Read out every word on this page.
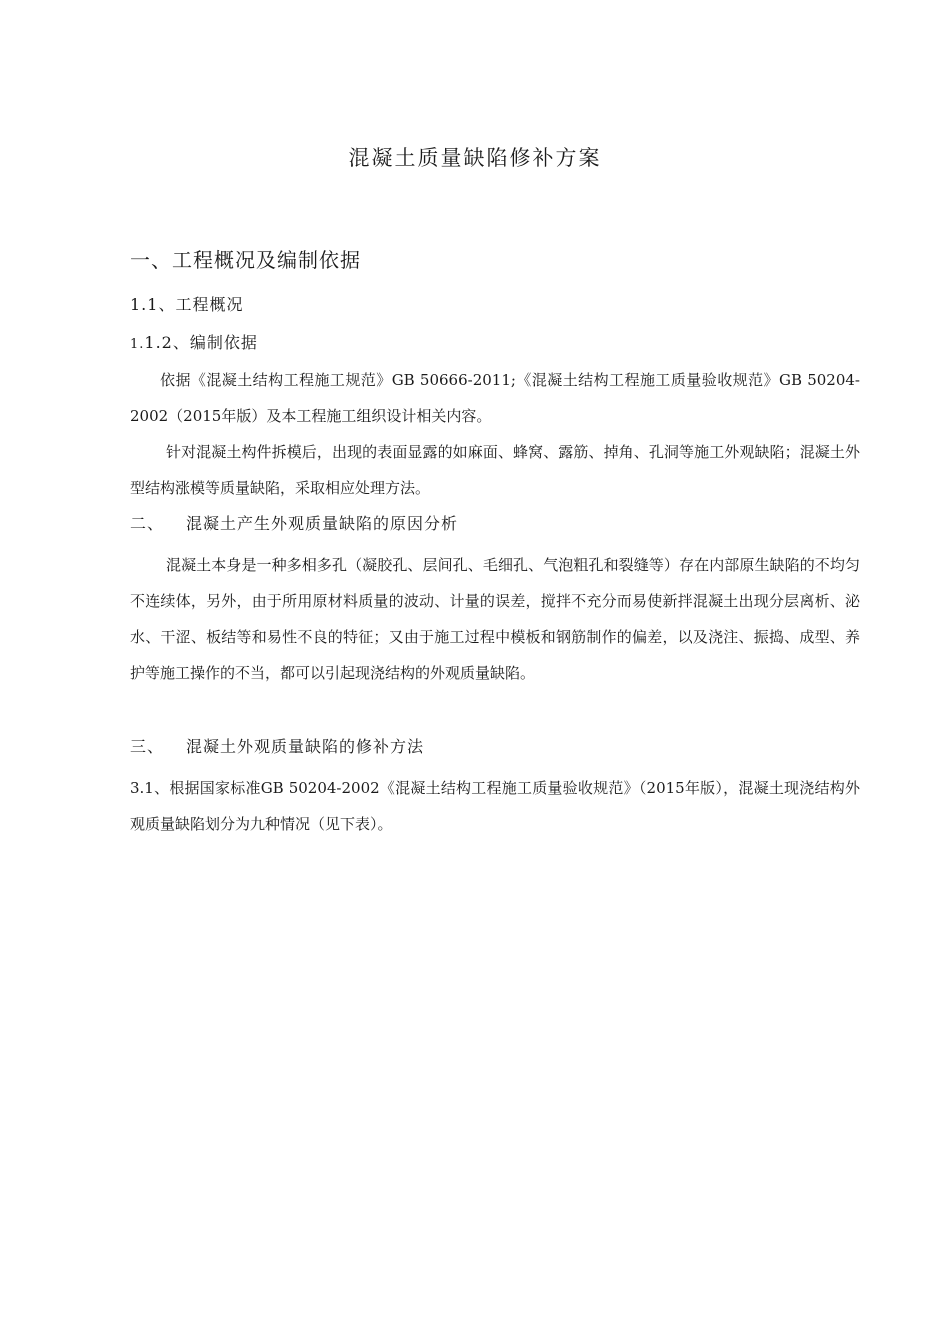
混凝土质量缺陷修补方案
一、工程概况及编制依据
1.1、工程概况
1.1.2、编制依据

依据《混凝土结构工程施工规范》GB 50666-2011;《混凝土结构工程施工质量验收规范》GB 50204-2002（2015年版）及本工程施工组织设计相关内容。

针对混凝土构件拆模后，出现的表面显露的如麻面、蜂窝、露筋、掉角、孔洞等施工外观缺陷；混凝土外型结构涨模等质量缺陷，采取相应处理方法。

二、 混凝土产生外观质量缺陷的原因分析

混凝土本身是一种多相多孔（凝胶孔、层间孔、毛细孔、气泡粗孔和裂缝等）存在内部原生缺陷的不均匀不连续体，另外，由于所用原材料质量的波动、计量的误差，搅拌不充分而易使新拌混凝土出现分层离析、泌水、干涩、板结等和易性不良的特征；又由于施工过程中模板和钢筋制作的偏差，以及浇注、振捣、成型、养护等施工操作的不当，都可以引起现浇结构的外观质量缺陷。

三、 混凝土外观质量缺陷的修补方法

3.1、根据国家标准GB 50204-2002《混凝土结构工程施工质量验收规范》（2015年版），混凝土现浇结构外观质量缺陷划分为九种情况（见下表）。
